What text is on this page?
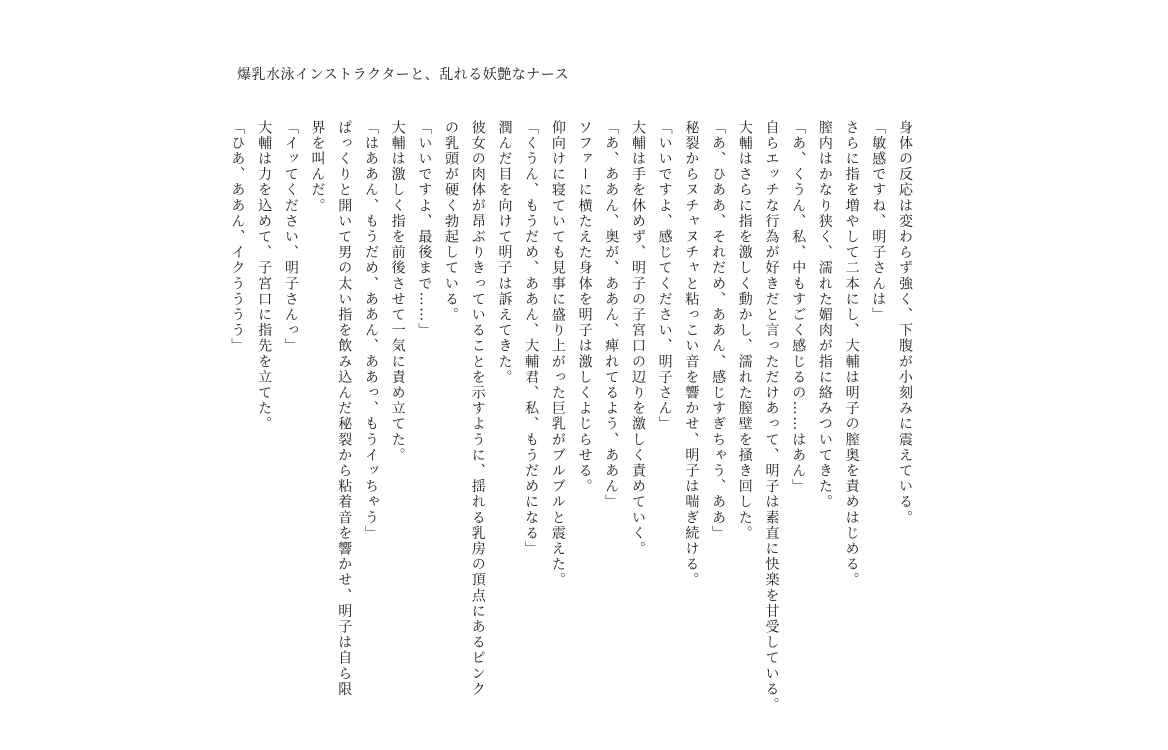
爆乳水泳インストラクターと、乱れる妖艶なナース
身体の反応は変わらず強く、下腹が小刻みに震えている。
「敏感ですね、明子さんは」
さらに指を増やして二本にし、大輔は明子の膣奥を責めはじめる。
膣内はかなり狭く、濡れた媚肉が指に絡みついてきた。
「あ、くうん、私、中もすごく感じるの……はあん」
自らエッチな行為が好きだと言っただけあって、明子は素直に快楽を甘受している。
大輔はさらに指を激しく動かし、濡れた膣壁を掻き回した。
「あ、ひああ、それだめ、ああん、感じすぎちゃう、ああ」
秘裂からヌチャヌチャと粘っこい音を響かせ、明子は喘ぎ続ける。
「いいですよ、感じてください、明子さん」
大輔は手を休めず、明子の子宮口の辺りを激しく責めていく。
「あ、ああん、奥が、ああん、痺れてるよう、ああん」
ソファーに横たえた身体を明子は激しくよじらせる。
仰向けに寝ていても見事に盛り上がった巨乳がブルブルと震えた。
「くうん、もうだめ、ああん、大輔君、私、もうだめになる」
潤んだ目を向けて明子は訴えてきた。
彼女の肉体が昂ぶりきっていることを示すように、揺れる乳房の頂点にあるピンク
の乳頭が硬く勃起している。
「いいですよ、最後まで……」
大輔は激しく指を前後させて一気に責め立てた。
「はああん、もうだめ、ああん、ああっ、もうイッちゃう」
ぱっくりと開いて男の太い指を飲み込んだ秘裂から粘着音を響かせ、明子は自ら限
界を叫んだ。
「イッてください、明子さんっ」
大輔は力を込めて、子宮口に指先を立てた。
「ひあ、ああん、イクうううう」
